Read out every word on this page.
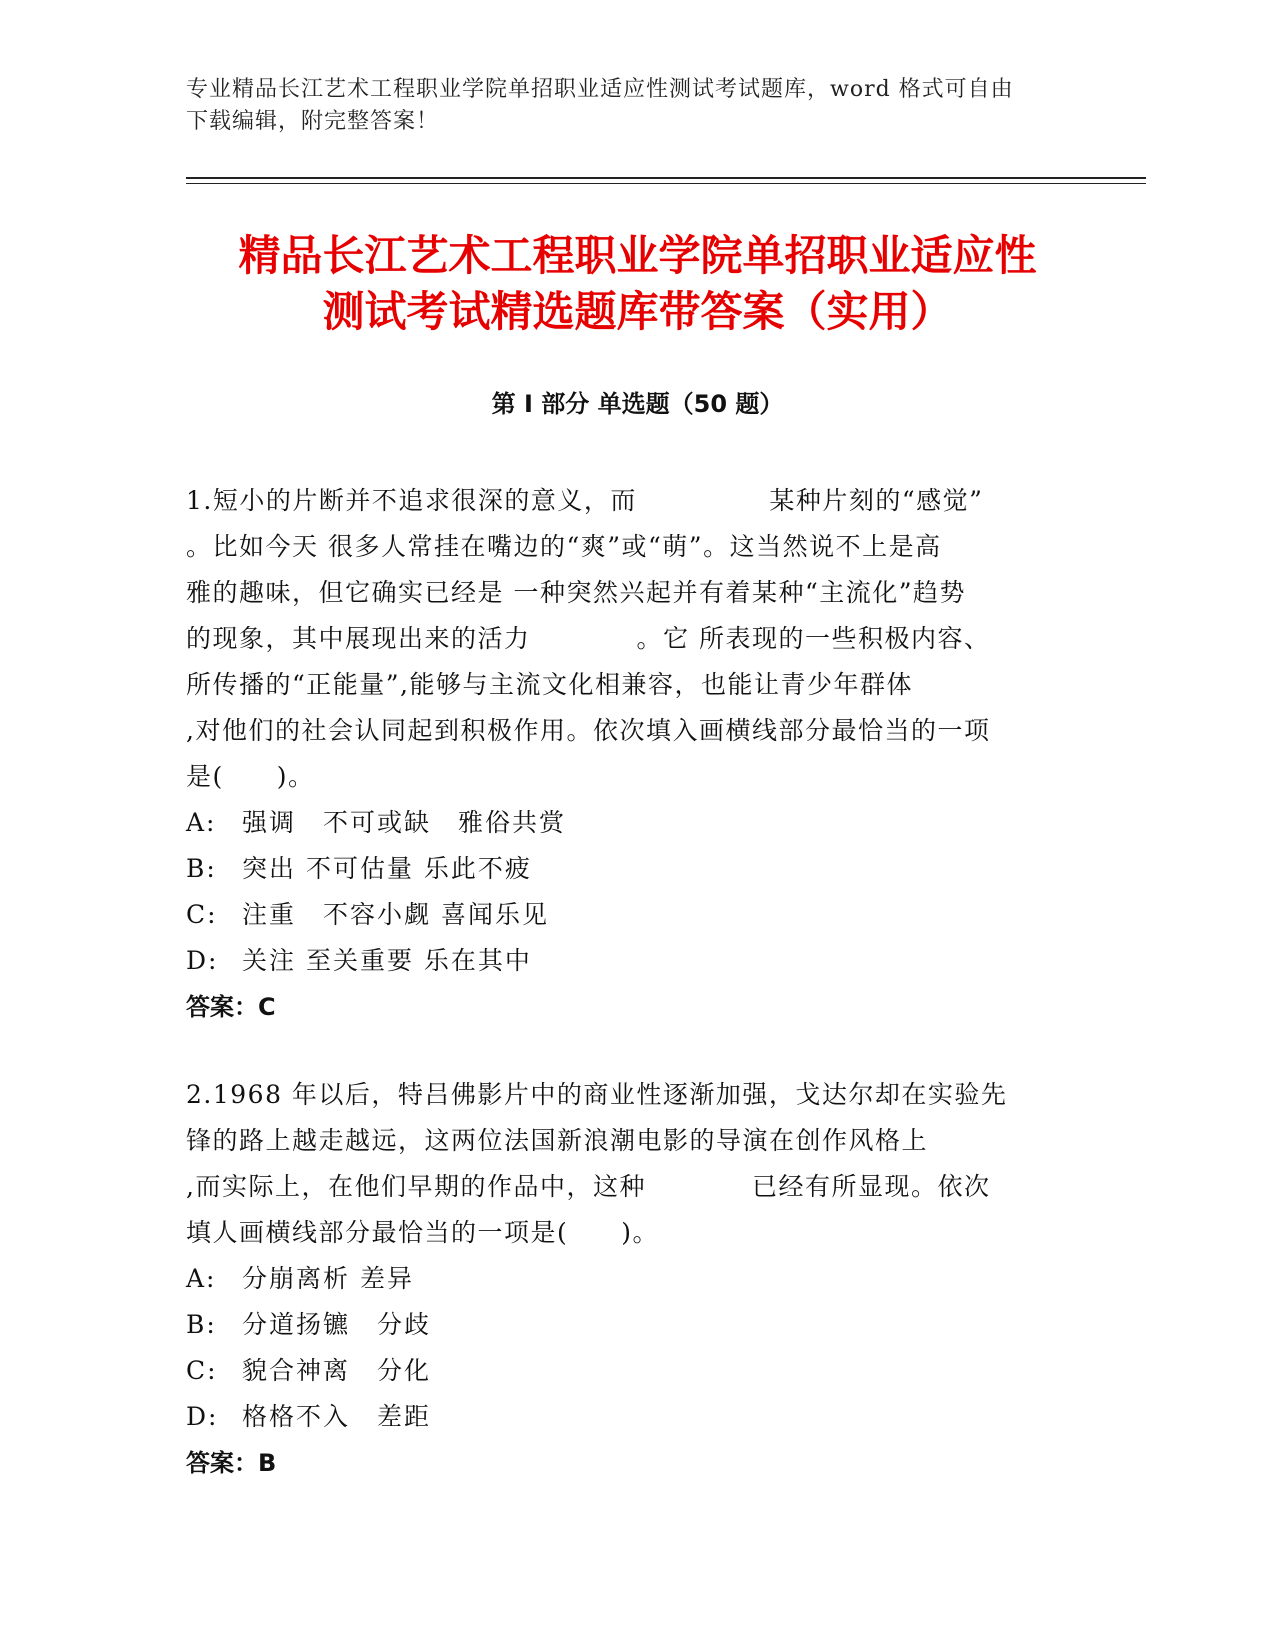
专业精品长江艺术工程职业学院单招职业适应性测试考试题库，word 格式可自由
下载编辑，附完整答案！
精品长江艺术工程职业学院单招职业适应性
测试考试精选题库带答案（实用）
第 I 部分 单选题（50 题）
1.短小的片断并不追求很深的意义，而　　　　　某种片刻的“感觉”
。比如今天 很多人常挂在嘴边的“爽”或“萌”。这当然说不上是高
雅的趣味，但它确实已经是 一种突然兴起并有着某种“主流化”趋势
的现象，其中展现出来的活力　　　　。它 所表现的一些积极内容、
所传播的“正能量”,能够与主流文化相兼容，也能让青少年群体
,对他们的社会认同起到积极作用。依次填入画横线部分最恰当的一项
是(　　)。
A: 强调　不可或缺　雅俗共赏
B: 突出 不可估量 乐此不疲
C: 注重　不容小觑 喜闻乐见
D: 关注 至关重要 乐在其中
答案：C
2.1968 年以后，特吕佛影片中的商业性逐渐加强，戈达尔却在实验先
锋的路上越走越远，这两位法国新浪潮电影的导演在创作风格上
,而实际上，在他们早期的作品中，这种　　　　已经有所显现。依次
填人画横线部分最恰当的一项是(　　)。
A: 分崩离析 差异
B: 分道扬镳　分歧
C: 貌合神离　分化
D: 格格不入　差距
答案：B
